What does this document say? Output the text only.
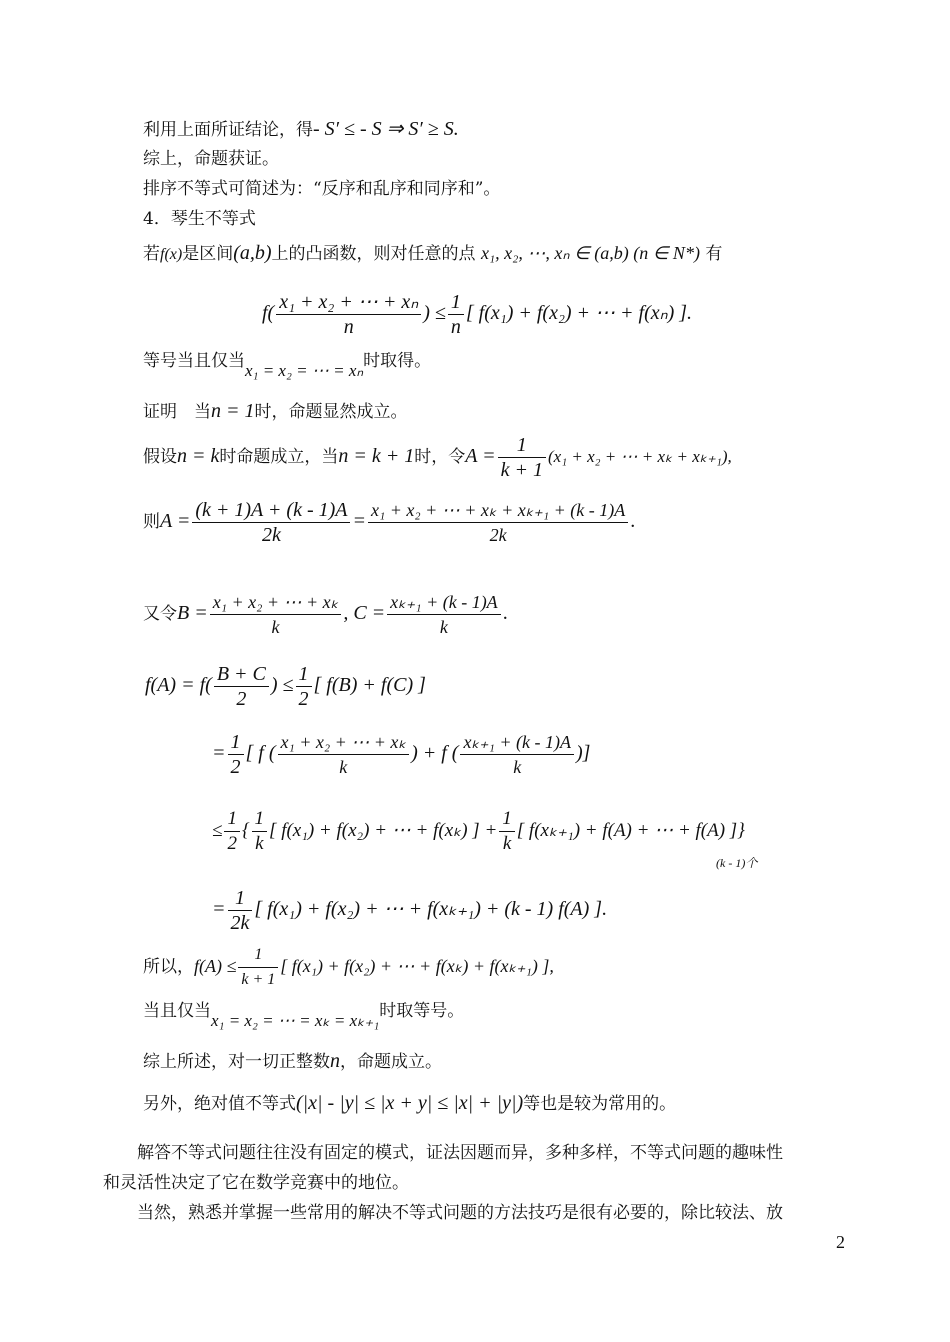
利用上面所证结论，得- S′ ≤ - S ⇒ S′ ≥ S.
综上，命题获证。
排序不等式可简述为：“反序和乱序和同序和”。
4．琴生不等式
若f(x)是区间(a,b)上的凸函数，则对任意的点 x₁, x₂, ⋯, xₙ ∈ (a,b) (n ∈ N*) 有
$f( \frac{\text{x₁ + x₂ + ⋯ + xₙ}}{n}$ ) ≤ $\frac{1}{n}$ [ f(x₁) + f(x₂) + ⋯ + f(xₙ) ].
等号当且仅当x₁ = x₂ = ⋯ = xₙ时取得。
证明　当n = 1时，命题显然成立。
假设n = k时命题成立，当n = k + 1时，令$A = \frac{1}{k + 1} (x_1 + x_2$ + ⋯ + xₖ + xₖ₊₁),
则$A = \frac{(k + 1)A + (k - 1)A}{2k} = \frac{\text{x₁ + x₂ + ⋯ + xₖ + xₖ₊₁ + (k - 1)A}}{2k}$ .
又令$B = \frac{\text{x₁ + x₂ + ⋯ + xₖ}}{k}$ , $C = \frac{\text{xₖ₊₁ + (k - 1)A}}{k}$ .
$f(A) = f( \frac{B + C}{2}$ ) ≤ $\frac{1}{2}$ [ f(B) + f(C) ]
= $\frac{1}{2}$ [ f ( $\frac{\text{x₁ + x₂ + ⋯ + xₖ}}{k}$ ) + f ( $\frac{\text{xₖ₊₁ + (k - 1)A}}{k}$ )]
≤ $\frac{1}{2}$ { $\frac{1}{k}$ [ f(x₁) + f(x₂) + ⋯ + f(xₖ) ] + $\frac{1}{k}$ [ f(xₖ₊₁) + f(A) + ⋯ + f(A) ]}
(k - 1)个
= $\frac{1}{2k}$ [ f(x₁) + f(x₂) + ⋯ + f(xₖ₊₁) + (k - 1) f(A) ].
所以，$f(A) \le \frac{1}{k + 1}$ [ f(x₁) + f(x₂) + ⋯ + f(xₖ) + f(xₖ₊₁) ],
当且仅当x₁ = x₂ = ⋯ = xₖ = xₖ₊₁时取等号。
综上所述，对一切正整数n，命题成立。
另外，绝对值不等式(|x| - |y| ≤ |x + y| ≤ |x| + |y|)等也是较为常用的。
　　解答不等式问题往往没有固定的模式，证法因题而异，多种多样，不等式问题的趣味性
和灵活性决定了它在数学竞赛中的地位。
　　当然，熟悉并掌握一些常用的解决不等式问题的方法技巧是很有必要的，除比较法、放
2
